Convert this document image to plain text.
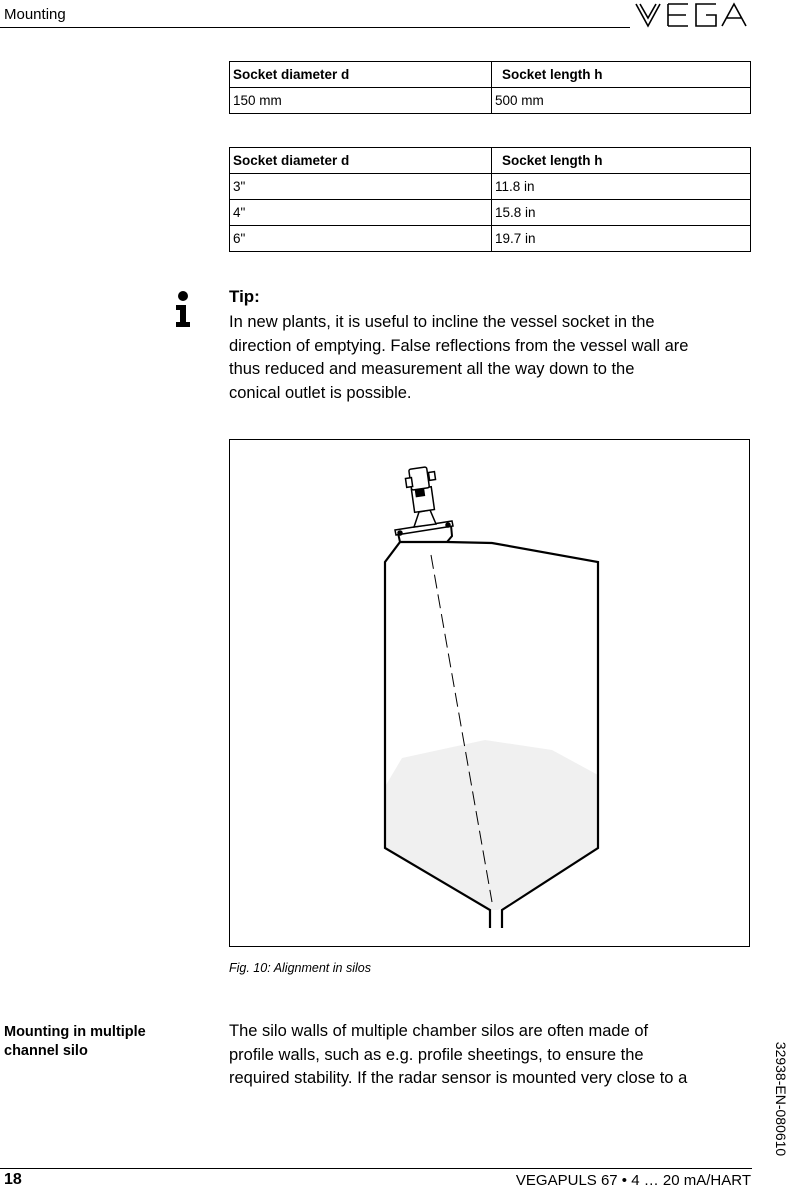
Mounting
Socket diameter d	Socket length h
150 mm	500 mm
Socket diameter d	Socket length h
3"	11.8 in
4"	15.8 in
6"	19.7 in
Tip:
In new plants, it is useful to incline the vessel socket in the
direction of emptying. False reflections from the vessel wall are
thus reduced and measurement all the way down to the
conical outlet is possible.
Fig. 10: Alignment in silos
Mounting in multiple
channel silo
The silo walls of multiple chamber silos are often made of
profile walls, such as e.g. profile sheetings, to ensure the
required stability. If the radar sensor is mounted very close to a	32938-EN-080610
18	VEGAPULS 67 • 4 … 20 mA/HART
